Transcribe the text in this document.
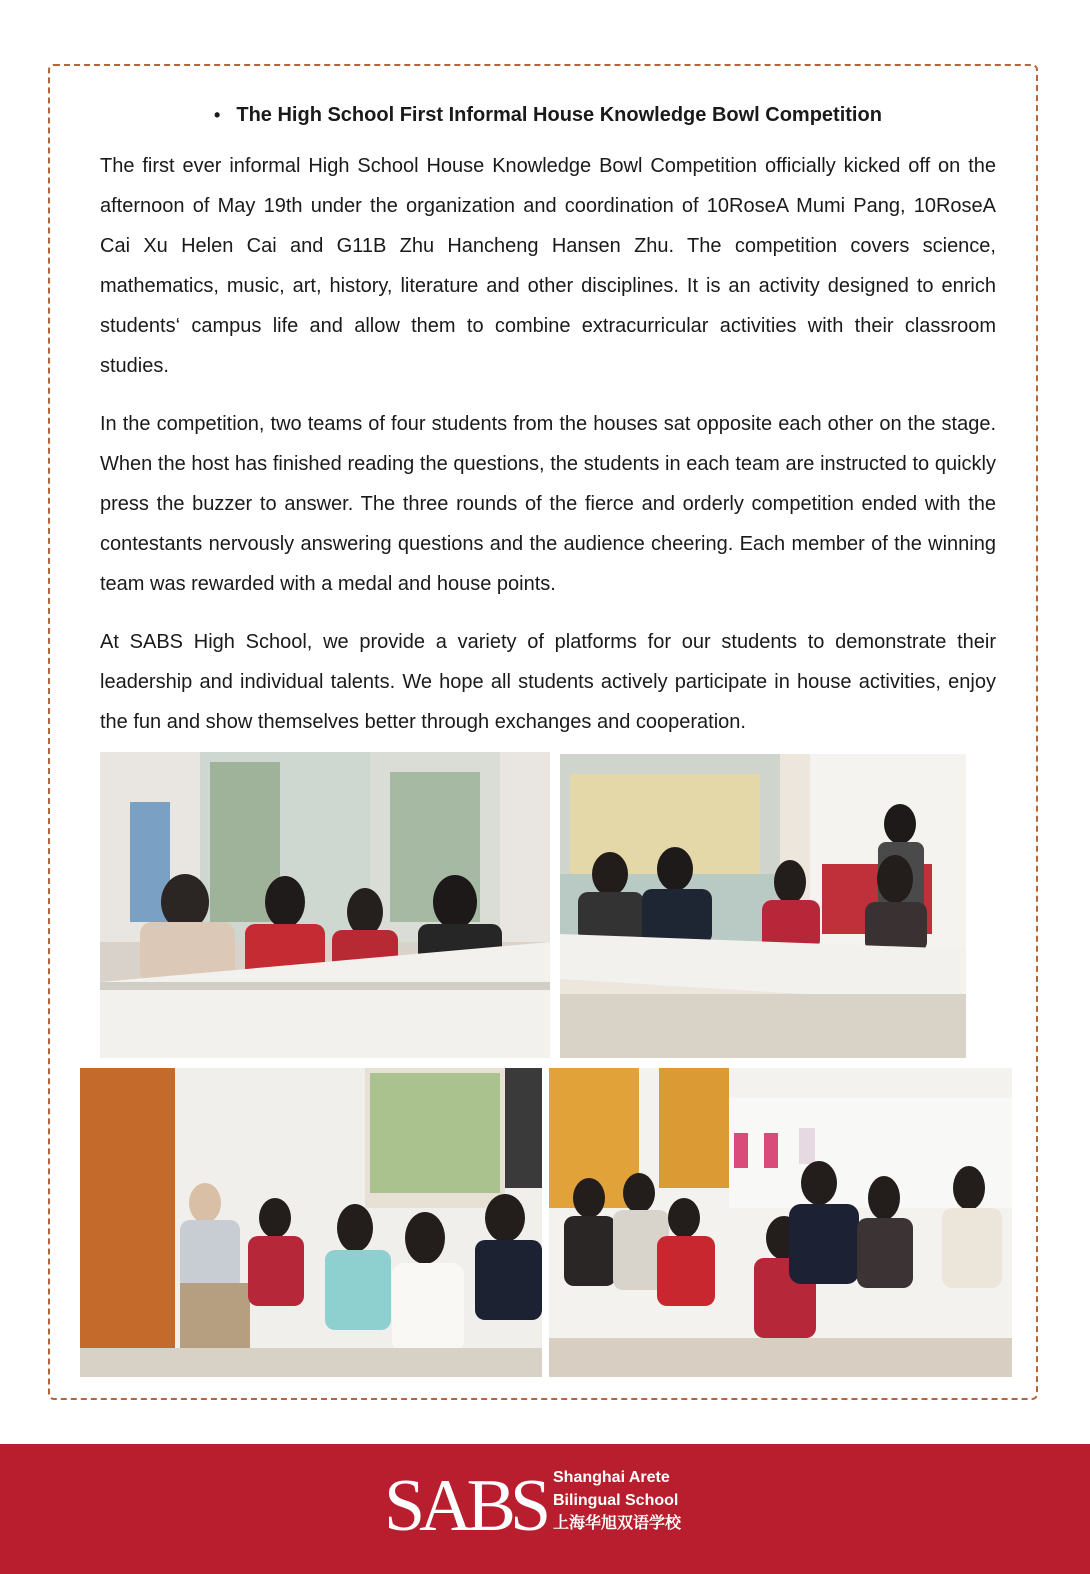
• The High School First Informal House Knowledge Bowl Competition

The first ever informal High School House Knowledge Bowl Competition officially kicked off on the afternoon of May 19th under the organization and coordination of 10RoseA Mumi Pang, 10RoseA Cai Xu Helen Cai and G11B Zhu Hancheng Hansen Zhu. The competition covers science, mathematics, music, art, history, literature and other disciplines. It is an activity designed to enrich students‘ campus life and allow them to combine extracurricular activities with their classroom studies.

In the competition, two teams of four students from the houses sat opposite each other on the stage. When the host has finished reading the questions, the students in each team are instructed to quickly press the buzzer to answer. The three rounds of the fierce and orderly competition ended with the contestants nervously answering questions and the audience cheering. Each member of the winning team was rewarded with a medal and house points.

At SABS High School, we provide a variety of platforms for our students to demonstrate their leadership and individual talents. We hope all students actively participate in house activities, enjoy the fun and show themselves better through exchanges and cooperation.

SABS Shanghai Arete
Bilingual School
上海华旭双语学校
